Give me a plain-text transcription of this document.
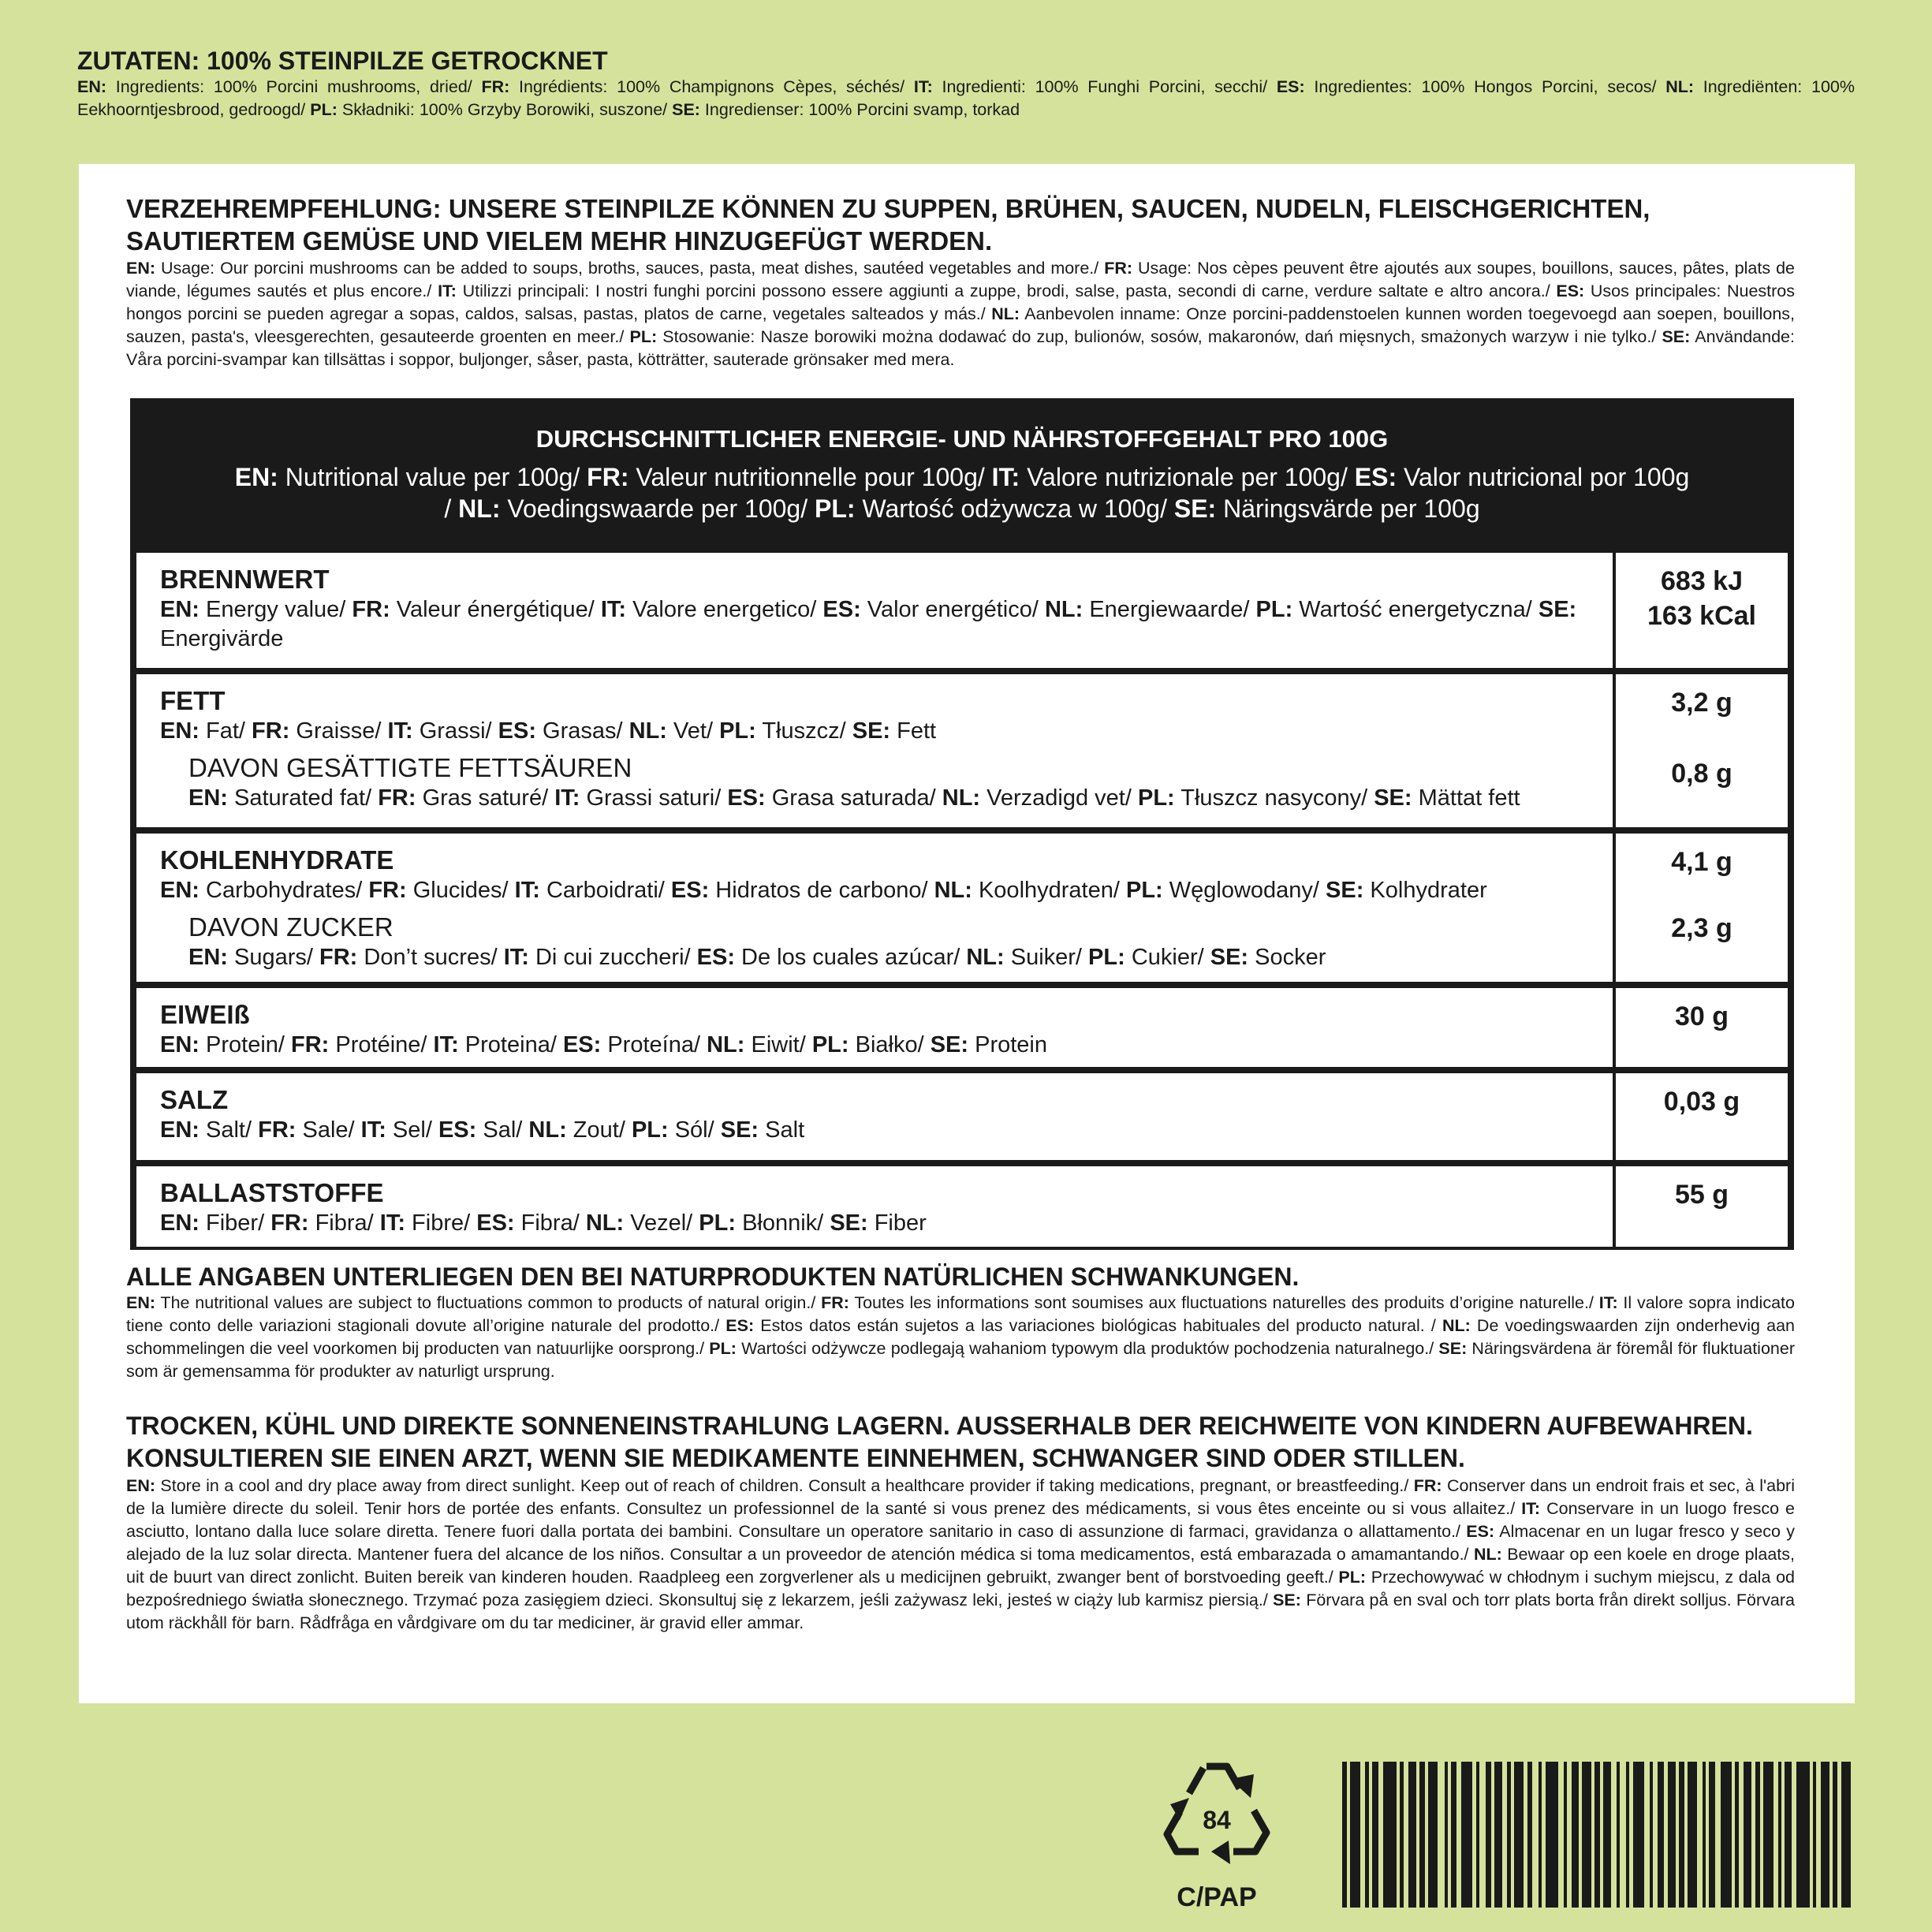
ZUTATEN: 100% STEINPILZE GETROCKNET
EN: Ingredients: 100% Porcini mushrooms, dried/ FR: Ingrédients: 100% Champignons Cèpes, séchés/ IT: Ingredienti: 100% Funghi Porcini, secchi/ ES: Ingredientes: 100% Hongos Porcini, secos/ NL: Ingrediënten: 100% Eekhoorntjesbrood, gedroogd/ PL: Składniki: 100% Grzyby Borowiki, suszone/ SE: Ingredienser: 100% Porcini svamp, torkad
VERZEHREMPFEHLUNG: UNSERE STEINPILZE KÖNNEN ZU SUPPEN, BRÜHEN, SAUCEN, NUDELN, FLEISCHGERICHTEN, SAUTIERTEM GEMÜSE UND VIELEM MEHR HINZUGEFÜGT WERDEN.
EN: Usage: Our porcini mushrooms can be added to soups, broths, sauces, pasta, meat dishes, sautéed vegetables and more./ FR: Usage: Nos cèpes peuvent être ajoutés aux soupes, bouillons, sauces, pâtes, plats de viande, légumes sautés et plus encore./ IT: Utilizzi principali: I nostri funghi porcini possono essere aggiunti a zuppe, brodi, salse, pasta, secondi di carne, verdure saltate e altro ancora./ ES: Usos principales: Nuestros hongos porcini se pueden agregar a sopas, caldos, salsas, pastas, platos de carne, vegetales salteados y más./ NL: Aanbevolen inname: Onze porcini-paddenstoelen kunnen worden toegevoegd aan soepen, bouillons, sauzen, pasta's, vleesgerechten, gesauteerde groenten en meer./ PL: Stosowanie: Nasze borowiki można dodawać do zup, bulionów, sosów, makaronów, dań mięsnych, smażonych warzyw i nie tylko./ SE: Användande: Våra porcini-svampar kan tillsättas i soppor, buljonger, såser, pasta, kötträtter, sauterade grönsaker med mera.
DURCHSCHNITTLICHER ENERGIE- UND NÄHRSTOFFGEHALT PRO 100G
EN: Nutritional value per 100g/ FR: Valeur nutritionnelle pour 100g/ IT: Valore nutrizionale per 100g/ ES: Valor nutricional por 100g / NL: Voedingswaarde per 100g/ PL: Wartość odżywcza w 100g/ SE: Näringsvärde per 100g
BRENNWERT
EN: Energy value/ FR: Valeur énergétique/ IT: Valore energetico/ ES: Valor energético/ NL: Energiewaarde/ PL: Wartość energetyczna/ SE: Energivärde
683 kJ
163 kCal
FETT
EN: Fat/ FR: Graisse/ IT: Grassi/ ES: Grasas/ NL: Vet/ PL: Tłuszcz/ SE: Fett
DAVON GESÄTTIGTE FETTSÄUREN
EN: Saturated fat/ FR: Gras saturé/ IT: Grassi saturi/ ES: Grasa saturada/ NL: Verzadigd vet/ PL: Tłuszcz nasycony/ SE: Mättat fett
3,2 g
0,8 g
KOHLENHYDRATE
EN: Carbohydrates/ FR: Glucides/ IT: Carboidrati/ ES: Hidratos de carbono/ NL: Koolhydraten/ PL: Węglowodany/ SE: Kolhydrater
DAVON ZUCKER
EN: Sugars/ FR: Don’t sucres/ IT: Di cui zuccheri/ ES: De los cuales azúcar/ NL: Suiker/ PL: Cukier/ SE: Socker
4,1 g
2,3 g
EIWEIß
EN: Protein/ FR: Protéine/ IT: Proteina/ ES: Proteína/ NL: Eiwit/ PL: Białko/ SE: Protein
30 g
SALZ
EN: Salt/ FR: Sale/ IT: Sel/ ES: Sal/ NL: Zout/ PL: Sól/ SE: Salt
0,03 g
BALLASTSTOFFE
EN: Fiber/ FR: Fibra/ IT: Fibre/ ES: Fibra/ NL: Vezel/ PL: Błonnik/ SE: Fiber
55 g
ALLE ANGABEN UNTERLIEGEN DEN BEI NATURPRODUKTEN NATÜRLICHEN SCHWANKUNGEN.
EN: The nutritional values are subject to fluctuations common to products of natural origin./ FR: Toutes les informations sont soumises aux fluctuations naturelles des produits d’origine naturelle./ IT: Il valore sopra indicato tiene conto delle variazioni stagionali dovute all’origine naturale del prodotto./ ES: Estos datos están sujetos a las variaciones biológicas habituales del producto natural. / NL: De voedingswaarden zijn onderhevig aan schommelingen die veel voorkomen bij producten van natuurlijke oorsprong./ PL: Wartości odżywcze podlegają wahaniom typowym dla produktów pochodzenia naturalnego./ SE: Näringsvärdena är föremål för fluktuationer som är gemensamma för produkter av naturligt ursprung.
TROCKEN, KÜHL UND DIREKTE SONNENEINSTRAHLUNG LAGERN. AUSSERHALB DER REICHWEITE VON KINDERN AUFBEWAHREN. KONSULTIEREN SIE EINEN ARZT, WENN SIE MEDIKAMENTE EINNEHMEN, SCHWANGER SIND ODER STILLEN.
EN: Store in a cool and dry place away from direct sunlight. Keep out of reach of children. Consult a healthcare provider if taking medications, pregnant, or breastfeeding./ FR: Conserver dans un endroit frais et sec, à l'abri de la lumière directe du soleil. Tenir hors de portée des enfants. Consultez un professionnel de la santé si vous prenez des médicaments, si vous êtes enceinte ou si vous allaitez./ IT: Conservare in un luogo fresco e asciutto, lontano dalla luce solare diretta. Tenere fuori dalla portata dei bambini. Consultare un operatore sanitario in caso di assunzione di farmaci, gravidanza o allattamento./ ES: Almacenar en un lugar fresco y seco y alejado de la luz solar directa. Mantener fuera del alcance de los niños. Consultar a un proveedor de atención médica si toma medicamentos, está embarazada o amamantando./ NL: Bewaar op een koele en droge plaats, uit de buurt van direct zonlicht. Buiten bereik van kinderen houden. Raadpleeg een zorgverlener als u medicijnen gebruikt, zwanger bent of borstvoeding geeft./ PL: Przechowywać w chłodnym i suchym miejscu, z dala od bezpośredniego światła słonecznego. Trzymać poza zasięgiem dzieci. Skonsultuj się z lekarzem, jeśli zażywasz leki, jesteś w ciąży lub karmisz piersią./ SE: Förvara på en sval och torr plats borta från direkt solljus. Förvara utom räckhåll för barn. Rådfråga en vårdgivare om du tar mediciner, är gravid eller ammar.
84
C/PAP
